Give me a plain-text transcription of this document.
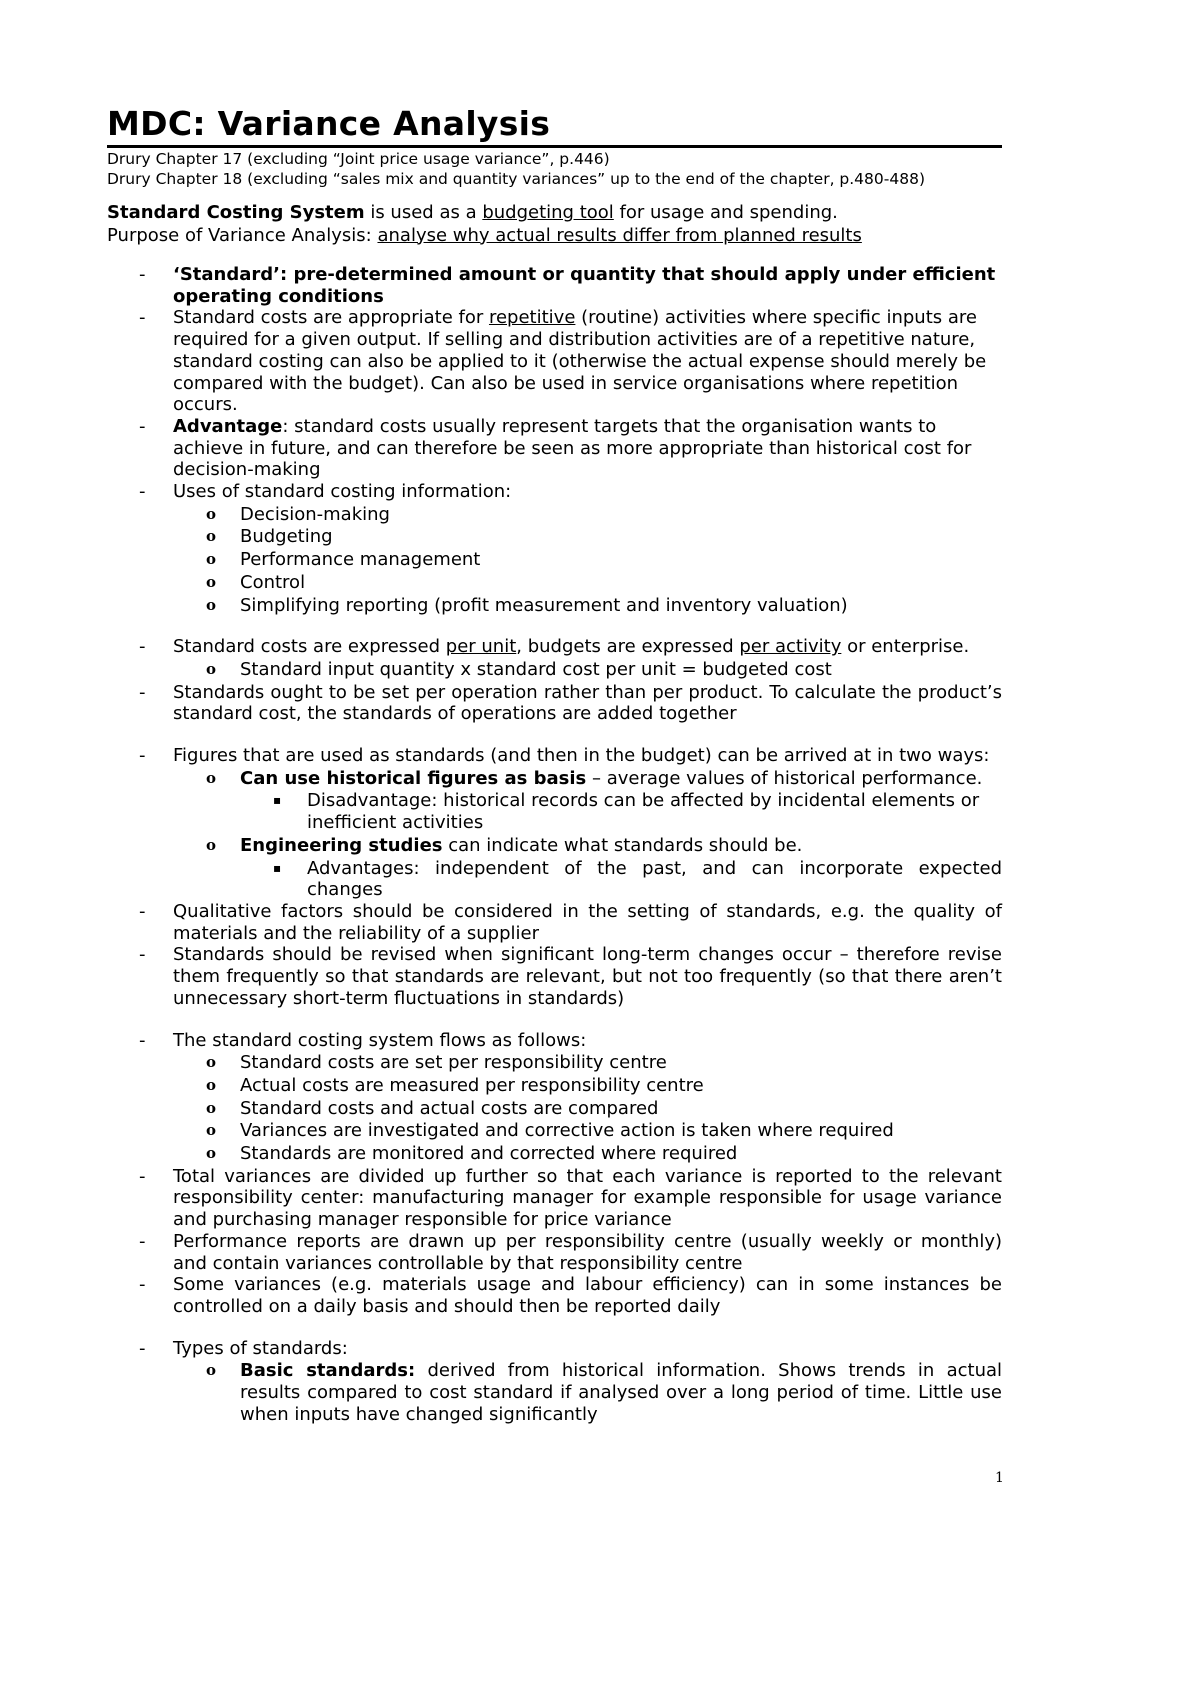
MDC: Variance Analysis
Drury Chapter 17 (excluding “Joint price usage variance”, p.446)
Drury Chapter 18 (excluding “sales mix and quantity variances” up to the end of the chapter, p.480-488)
Standard Costing System is used as a budgeting tool for usage and spending.
Purpose of Variance Analysis: analyse why actual results differ from planned results
- ‘Standard’: pre-determined amount or quantity that should apply under efficient operating conditions
- Standard costs are appropriate for repetitive (routine) activities where specific inputs are required for a given output. If selling and distribution activities are of a repetitive nature, standard costing can also be applied to it (otherwise the actual expense should merely be compared with the budget). Can also be used in service organisations where repetition occurs.
- Advantage: standard costs usually represent targets that the organisation wants to achieve in future, and can therefore be seen as more appropriate than historical cost for decision-making
- Uses of standard costing information:
o Decision-making
o Budgeting
o Performance management
o Control
o Simplifying reporting (profit measurement and inventory valuation)
- Standard costs are expressed per unit, budgets are expressed per activity or enterprise.
o Standard input quantity x standard cost per unit = budgeted cost
- Standards ought to be set per operation rather than per product. To calculate the product’s standard cost, the standards of operations are added together
- Figures that are used as standards (and then in the budget) can be arrived at in two ways:
o Can use historical figures as basis – average values of historical performance.
▪ Disadvantage: historical records can be affected by incidental elements or inefficient activities
o Engineering studies can indicate what standards should be.
▪ Advantages: independent of the past, and can incorporate expected changes
- Qualitative factors should be considered in the setting of standards, e.g. the quality of materials and the reliability of a supplier
- Standards should be revised when significant long-term changes occur – therefore revise them frequently so that standards are relevant, but not too frequently (so that there aren’t unnecessary short-term fluctuations in standards)
- The standard costing system flows as follows:
o Standard costs are set per responsibility centre
o Actual costs are measured per responsibility centre
o Standard costs and actual costs are compared
o Variances are investigated and corrective action is taken where required
o Standards are monitored and corrected where required
- Total variances are divided up further so that each variance is reported to the relevant responsibility center: manufacturing manager for example responsible for usage variance and purchasing manager responsible for price variance
- Performance reports are drawn up per responsibility centre (usually weekly or monthly) and contain variances controllable by that responsibility centre
- Some variances (e.g. materials usage and labour efficiency) can in some instances be controlled on a daily basis and should then be reported daily
- Types of standards:
o Basic standards: derived from historical information. Shows trends in actual results compared to cost standard if analysed over a long period of time. Little use when inputs have changed significantly
1
